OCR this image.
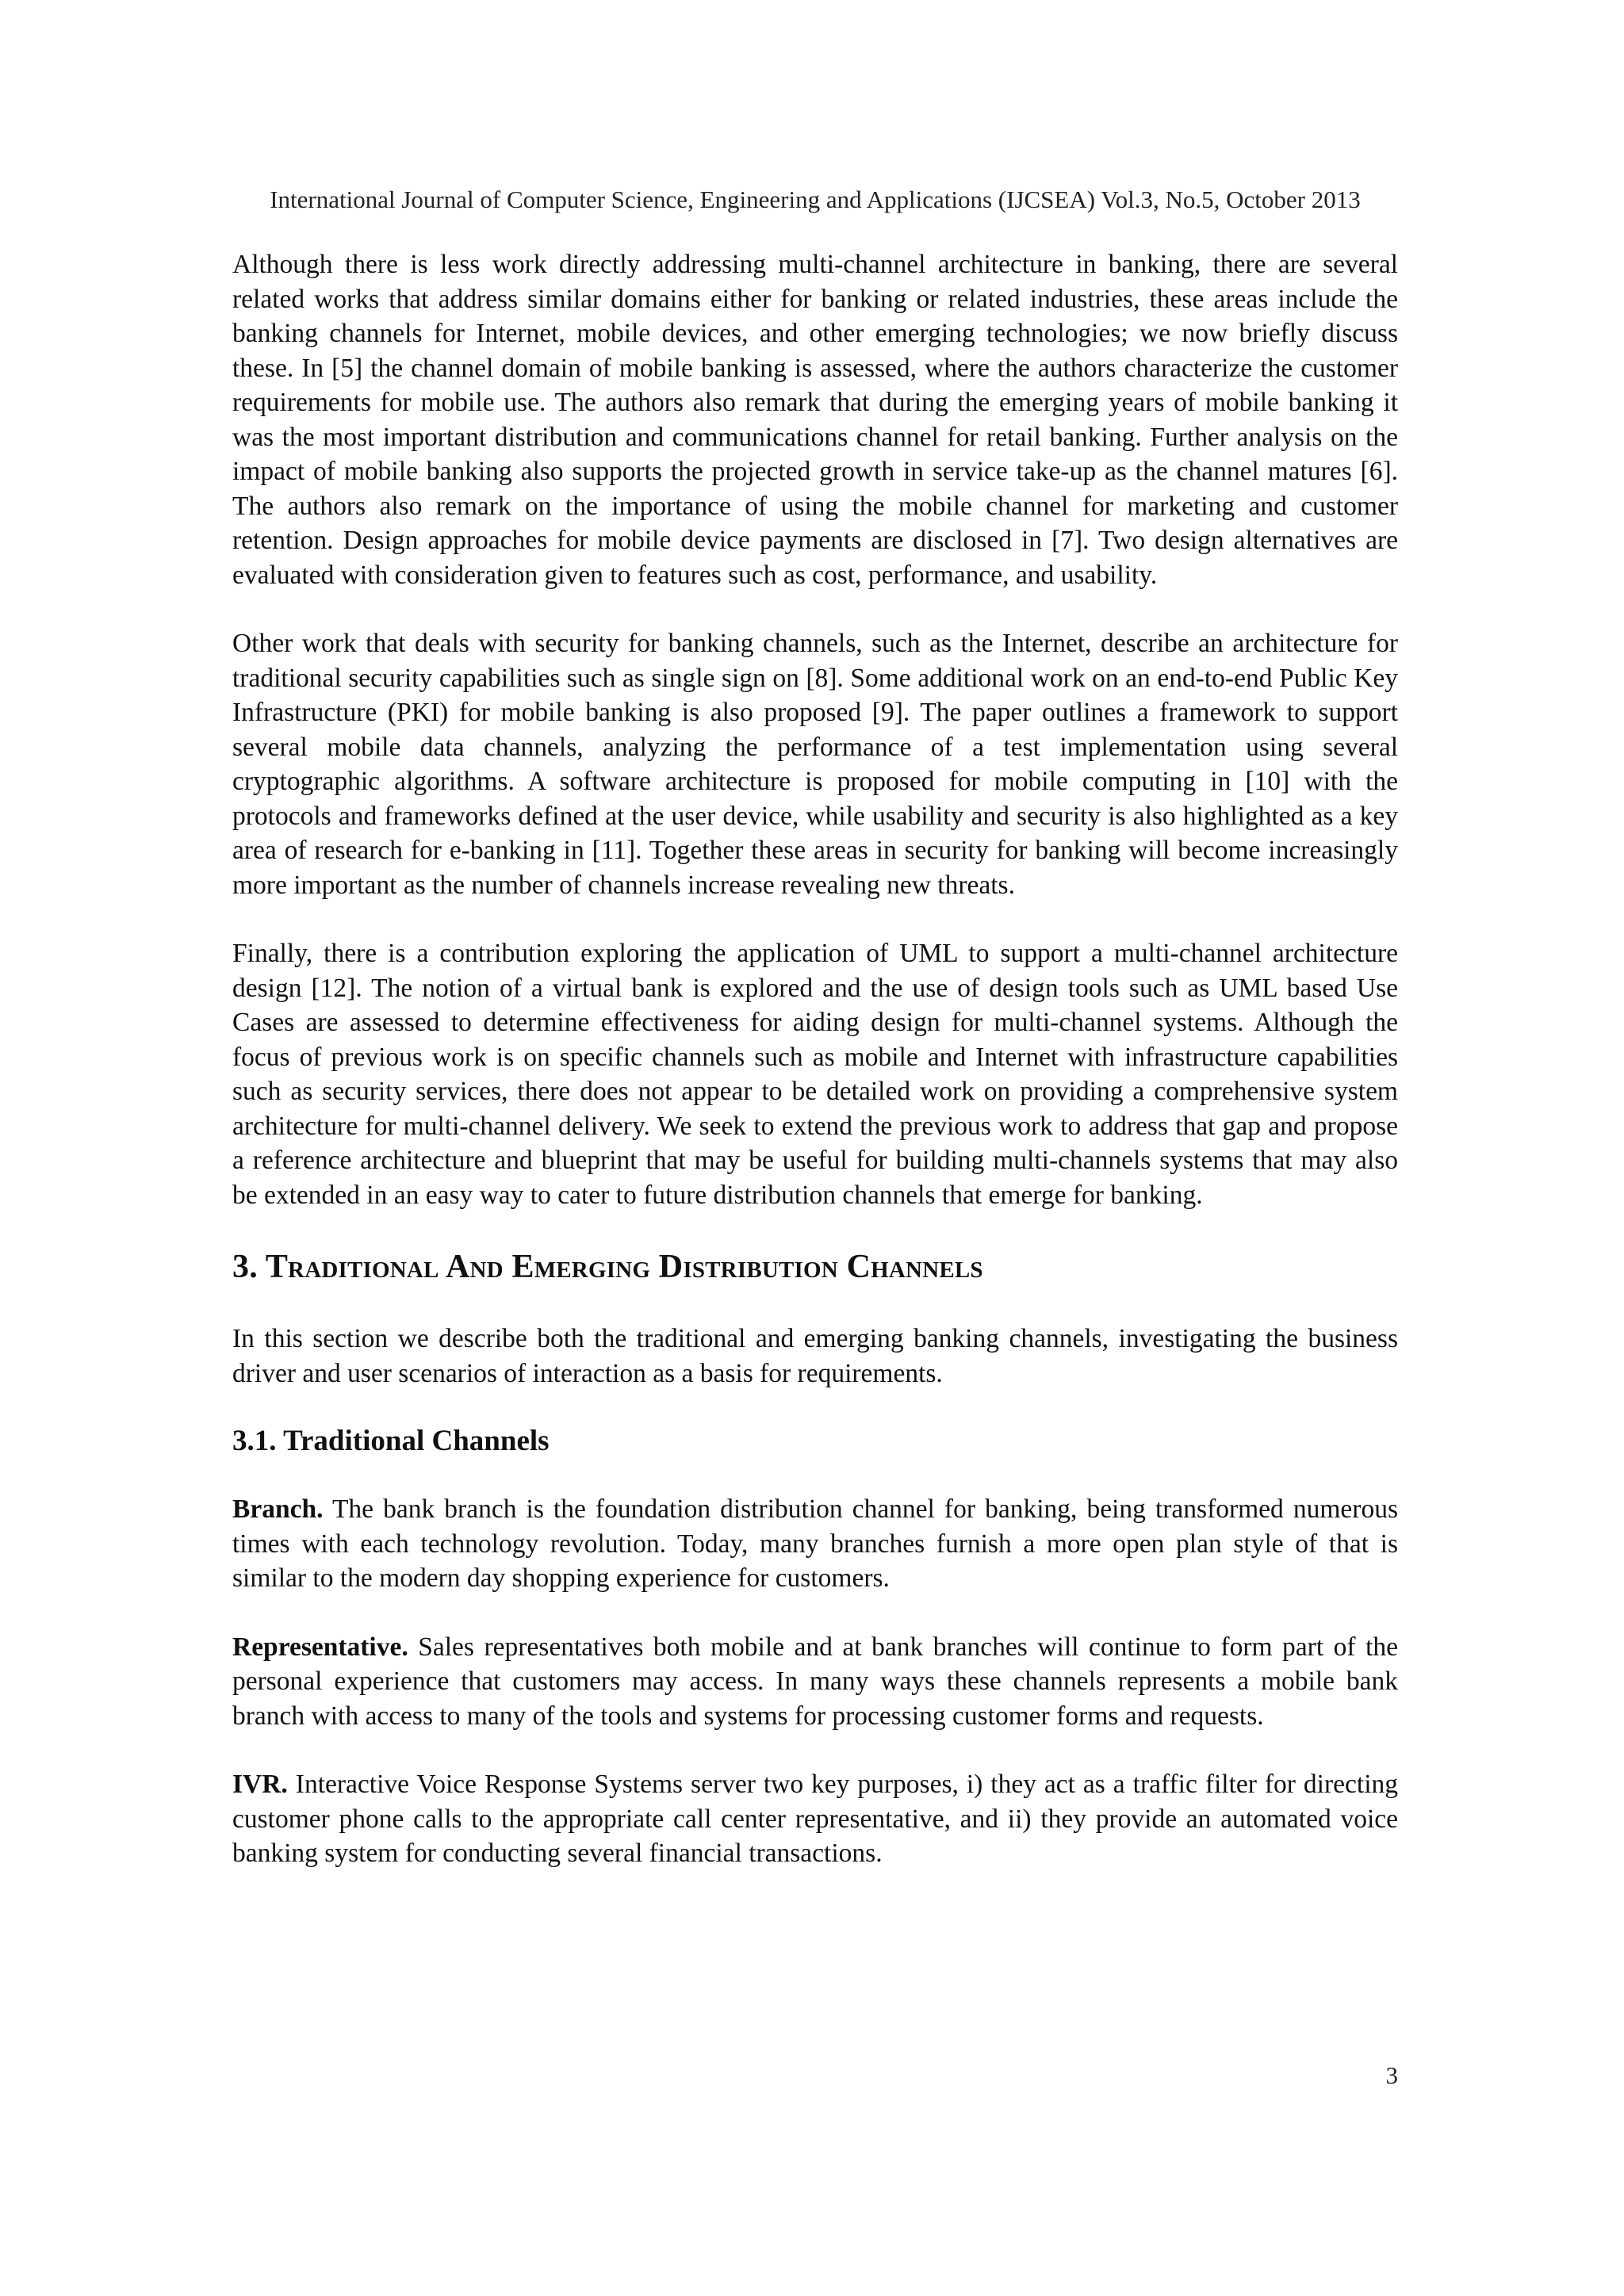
International Journal of Computer Science, Engineering and Applications (IJCSEA) Vol.3, No.5, October 2013

Although there is less work directly addressing multi-channel architecture in banking, there are several related works that address similar domains either for banking or related industries, these areas include the banking channels for Internet, mobile devices, and other emerging technologies; we now briefly discuss these. In [5] the channel domain of mobile banking is assessed, where the authors characterize the customer requirements for mobile use. The authors also remark that during the emerging years of mobile banking it was the most important distribution and communications channel for retail banking. Further analysis on the impact of mobile banking also supports the projected growth in service take-up as the channel matures [6]. The authors also remark on the importance of using the mobile channel for marketing and customer retention. Design approaches for mobile device payments are disclosed in [7]. Two design alternatives are evaluated with consideration given to features such as cost, performance, and usability.

Other work that deals with security for banking channels, such as the Internet, describe an architecture for traditional security capabilities such as single sign on [8]. Some additional work on an end-to-end Public Key Infrastructure (PKI) for mobile banking is also proposed [9]. The paper outlines a framework to support several mobile data channels, analyzing the performance of a test implementation using several cryptographic algorithms. A software architecture is proposed for mobile computing in [10] with the protocols and frameworks defined at the user device, while usability and security is also highlighted as a key area of research for e-banking in [11]. Together these areas in security for banking will become increasingly more important as the number of channels increase revealing new threats.

Finally, there is a contribution exploring the application of UML to support a multi-channel architecture design [12]. The notion of a virtual bank is explored and the use of design tools such as UML based Use Cases are assessed to determine effectiveness for aiding design for multi-channel systems. Although the focus of previous work is on specific channels such as mobile and Internet with infrastructure capabilities such as security services, there does not appear to be detailed work on providing a comprehensive system architecture for multi-channel delivery. We seek to extend the previous work to address that gap and propose a reference architecture and blueprint that may be useful for building multi-channels systems that may also be extended in an easy way to cater to future distribution channels that emerge for banking.

3. Traditional And Emerging Distribution Channels

In this section we describe both the traditional and emerging banking channels, investigating the business driver and user scenarios of interaction as a basis for requirements.

3.1. Traditional Channels

Branch. The bank branch is the foundation distribution channel for banking, being transformed numerous times with each technology revolution. Today, many branches furnish a more open plan style of that is similar to the modern day shopping experience for customers.

Representative. Sales representatives both mobile and at bank branches will continue to form part of the personal experience that customers may access. In many ways these channels represents a mobile bank branch with access to many of the tools and systems for processing customer forms and requests.

IVR. Interactive Voice Response Systems server two key purposes, i) they act as a traffic filter for directing customer phone calls to the appropriate call center representative, and ii) they provide an automated voice banking system for conducting several financial transactions.

3
